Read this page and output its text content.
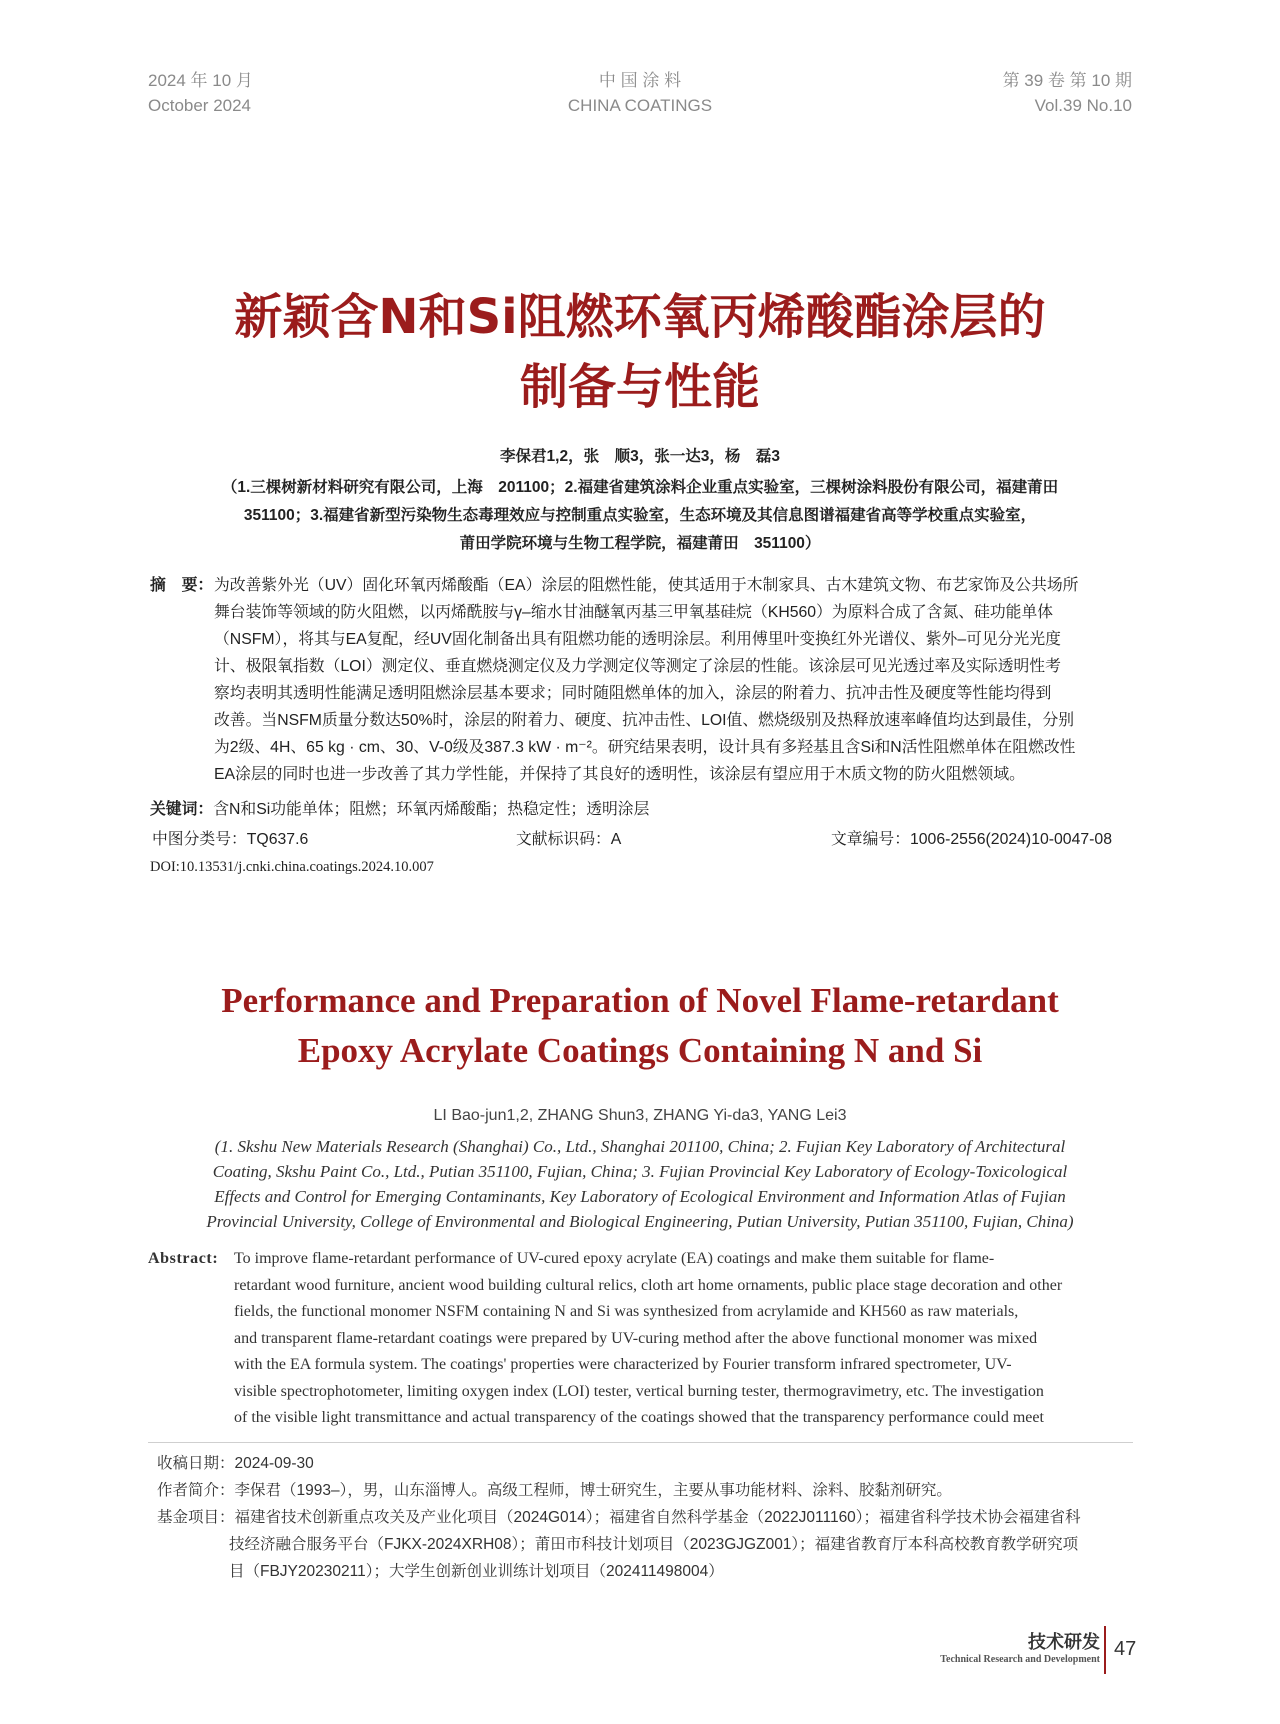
2024 年 10 月
October 2024
中 国 涂 料
CHINA COATINGS
第 39 卷 第 10 期
Vol.39 No.10
新颖含N和Si阻燃环氧丙烯酸酯涂层的
制备与性能
李保君1,2，张　顺3，张一达3，杨　磊3
（1.三棵树新材料研究有限公司，上海　201100；2.福建省建筑涂料企业重点实验室，三棵树涂料股份有限公司，福建莆田
351100；3.福建省新型污染物生态毒理效应与控制重点实验室，生态环境及其信息图谱福建省高等学校重点实验室，
莆田学院环境与生物工程学院，福建莆田　351100）
摘　要： 为改善紫外光（UV）固化环氧丙烯酸酯（EA）涂层的阻燃性能，使其适用于木制家具、古木建筑文物、布艺家饰及公共场所
舞台装饰等领域的防火阻燃，以丙烯酰胺与γ–缩水甘油醚氧丙基三甲氧基硅烷（KH560）为原料合成了含氮、硅功能单体
（NSFM），将其与EA复配，经UV固化制备出具有阻燃功能的透明涂层。利用傅里叶变换红外光谱仪、紫外–可见分光光度
计、极限氧指数（LOI）测定仪、垂直燃烧测定仪及力学测定仪等测定了涂层的性能。该涂层可见光透过率及实际透明性考
察均表明其透明性能满足透明阻燃涂层基本要求；同时随阻燃单体的加入，涂层的附着力、抗冲击性及硬度等性能均得到
改善。当NSFM质量分数达50%时，涂层的附着力、硬度、抗冲击性、LOI值、燃烧级别及热释放速率峰值均达到最佳，分别
为2级、4H、65 kg · cm、30、V-0级及387.3 kW · m⁻²。研究结果表明，设计具有多羟基且含Si和N活性阻燃单体在阻燃改性
EA涂层的同时也进一步改善了其力学性能，并保持了其良好的透明性，该涂层有望应用于木质文物的防火阻燃领域。
关键词：含N和Si功能单体；阻燃；环氧丙烯酸酯；热稳定性；透明涂层
中图分类号：TQ637.6	文献标识码：A	文章编号：1006-2556(2024)10-0047-08
DOI:10.13531/j.cnki.china.coatings.2024.10.007
Performance and Preparation of Novel Flame-retardant
Epoxy Acrylate Coatings Containing N and Si
LI Bao-jun1,2, ZHANG Shun3, ZHANG Yi-da3, YANG Lei3
(1. Skshu New Materials Research (Shanghai) Co., Ltd., Shanghai 201100, China; 2. Fujian Key Laboratory of Architectural
Coating, Skshu Paint Co., Ltd., Putian 351100, Fujian, China; 3. Fujian Provincial Key Laboratory of Ecology-Toxicological
Effects and Control for Emerging Contaminants, Key Laboratory of Ecological Environment and Information Atlas of Fujian
Provincial University, College of Environmental and Biological Engineering, Putian University, Putian 351100, Fujian, China)
Abstract: To improve flame-retardant performance of UV-cured epoxy acrylate (EA) coatings and make them suitable for flame-
retardant wood furniture, ancient wood building cultural relics, cloth art home ornaments, public place stage decoration and other
fields, the functional monomer NSFM containing N and Si was synthesized from acrylamide and KH560 as raw materials,
and transparent flame-retardant coatings were prepared by UV-curing method after the above functional monomer was mixed
with the EA formula system. The coatings' properties were characterized by Fourier transform infrared spectrometer, UV-
visible spectrophotometer, limiting oxygen index (LOI) tester, vertical burning tester, thermogravimetry, etc. The investigation
of the visible light transmittance and actual transparency of the coatings showed that the transparency performance could meet
收稿日期：2024-09-30
作者简介：李保君（1993–），男，山东淄博人。高级工程师，博士研究生，主要从事功能材料、涂料、胶黏剂研究。
基金项目：福建省技术创新重点攻关及产业化项目（2024G014）；福建省自然科学基金（2022J011160）；福建省科学技术协会福建省科
技经济融合服务平台（FJKX-2024XRH08）；莆田市科技计划项目（2023GJGZ001）；福建省教育厅本科高校教育教学研究项
目（FBJY20230211）；大学生创新创业训练计划项目（202411498004）
技术研发
Technical Research and Development 47
